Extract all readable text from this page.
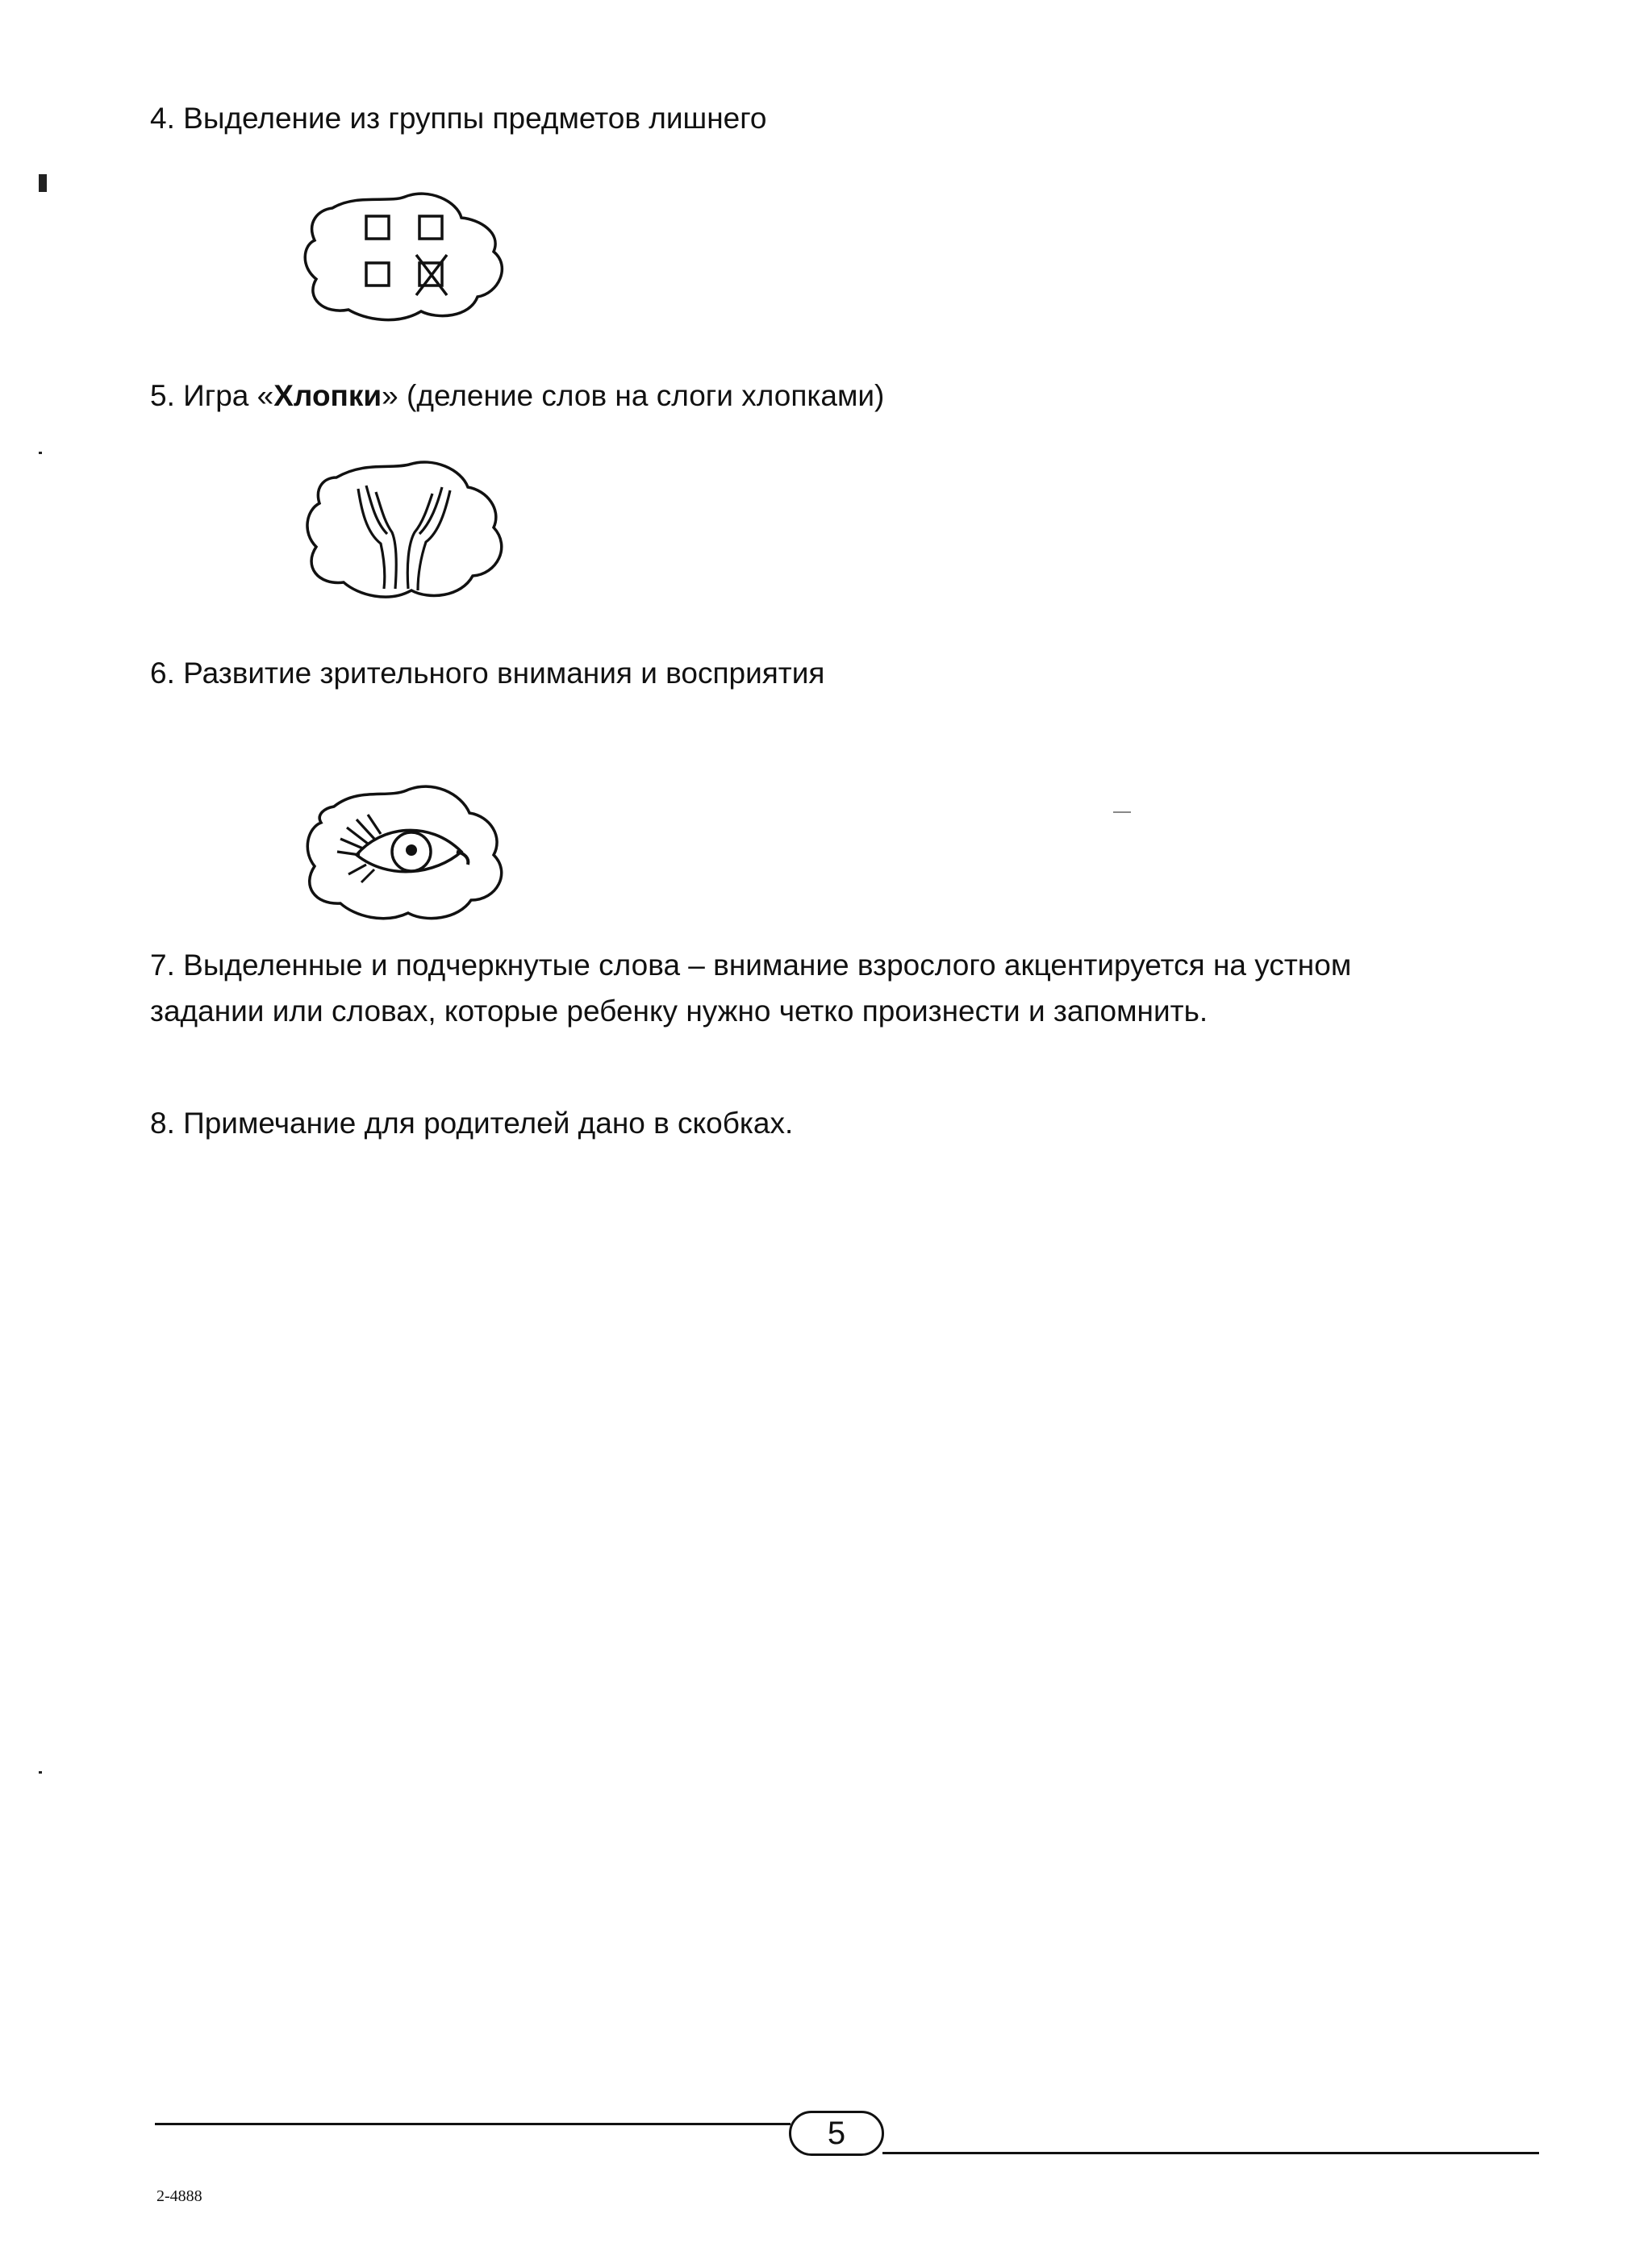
4. Выделение из группы предметов лишнего
5. Игра «Хлопки» (деление слов на слоги хлопками)
6. Развитие зрительного внимания и восприятия
7. Выделенные и подчеркнутые слова – внимание взрослого акцентируется на устном
задании или словах, которые ребенку нужно четко произнести и запомнить.
8. Примечание для родителей дано в скобках.
5
2-4888
